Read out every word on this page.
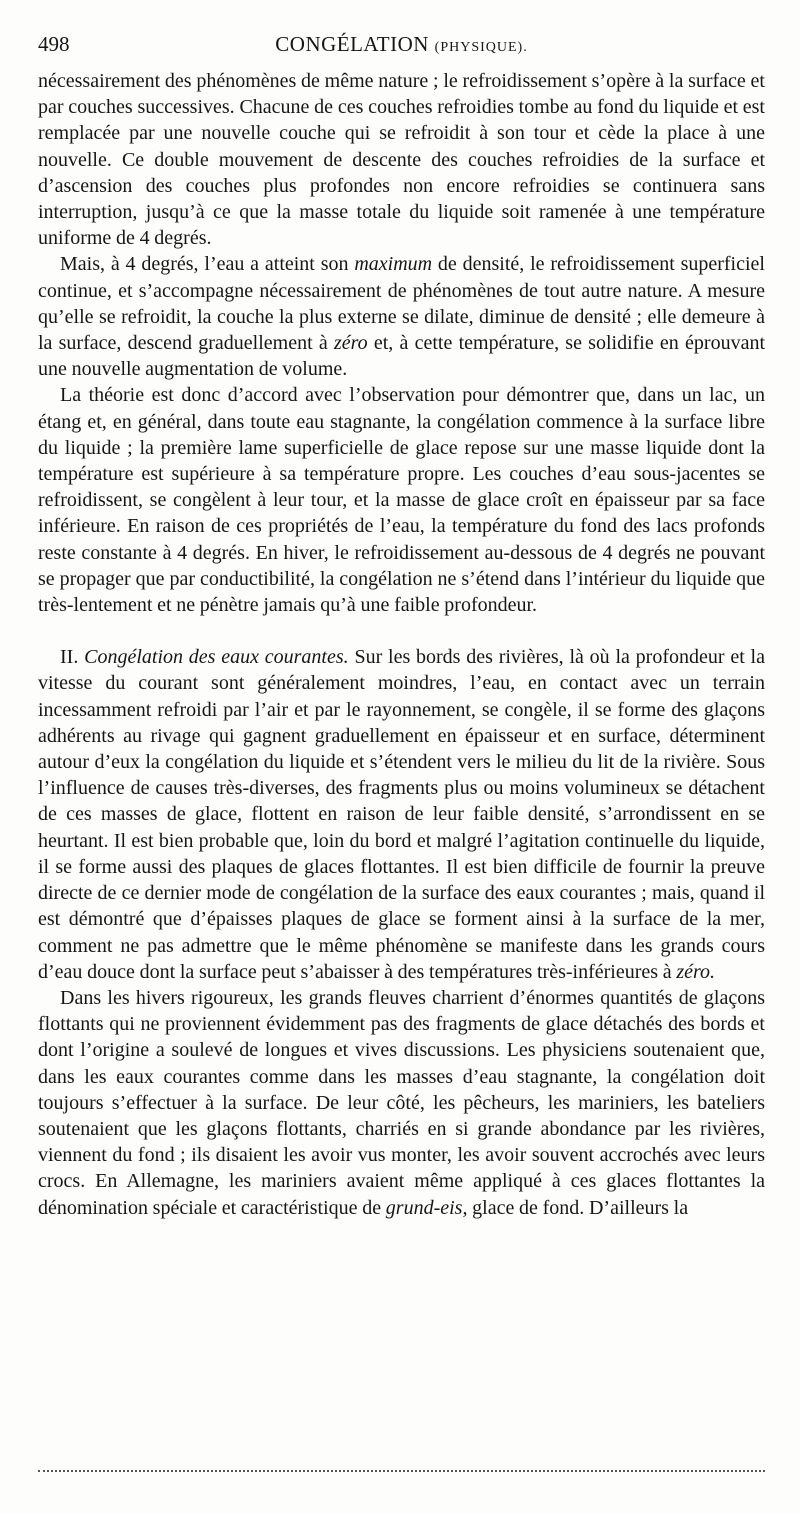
498	CONGÉLATION (PHYSIQUE).

nécessairement des phénomènes de même nature ; le refroidissement s’opère à la surface et par couches successives. Chacune de ces couches refroidies tombe au fond du liquide et est remplacée par une nouvelle couche qui se refroidit à son tour et cède la place à une nouvelle. Ce double mouvement de descente des couches refroidies de la surface et d’ascension des couches plus profondes non encore refroidies se continuera sans interruption, jusqu’à ce que la masse totale du liquide soit ramenée à une température uniforme de 4 degrés.

Mais, à 4 degrés, l’eau a atteint son maximum de densité, le refroidissement superficiel continue, et s’accompagne nécessairement de phénomènes de tout autre nature. A mesure qu’elle se refroidit, la couche la plus externe se dilate, diminue de densité ; elle demeure à la surface, descend graduellement à zéro et, à cette température, se solidifie en éprouvant une nouvelle augmentation de volume.

La théorie est donc d’accord avec l’observation pour démontrer que, dans un lac, un étang et, en général, dans toute eau stagnante, la congélation commence à la surface libre du liquide ; la première lame superficielle de glace repose sur une masse liquide dont la température est supérieure à sa température propre. Les couches d’eau sous-jacentes se refroidissent, se congèlent à leur tour, et la masse de glace croît en épaisseur par sa face inférieure. En raison de ces propriétés de l’eau, la température du fond des lacs profonds reste constante à 4 degrés. En hiver, le refroidissement au-dessous de 4 degrés ne pouvant se propager que par conductibilité, la congélation ne s’étend dans l’intérieur du liquide que très-lentement et ne pénètre jamais qu’à une faible profondeur.

II. Congélation des eaux courantes. Sur les bords des rivières, là où la profondeur et la vitesse du courant sont généralement moindres, l’eau, en contact avec un terrain incessamment refroidi par l’air et par le rayonnement, se congèle, il se forme des glaçons adhérents au rivage qui gagnent graduellement en épaisseur et en surface, déterminent autour d’eux la congélation du liquide et s’étendent vers le milieu du lit de la rivière. Sous l’influence de causes très-diverses, des fragments plus ou moins volumineux se détachent de ces masses de glace, flottent en raison de leur faible densité, s’arrondissent en se heurtant. Il est bien probable que, loin du bord et malgré l’agitation continuelle du liquide, il se forme aussi des plaques de glaces flottantes. Il est bien difficile de fournir la preuve directe de ce dernier mode de congélation de la surface des eaux courantes ; mais, quand il est démontré que d’épaisses plaques de glace se forment ainsi à la surface de la mer, comment ne pas admettre que le même phénomène se manifeste dans les grands cours d’eau douce dont la surface peut s’abaisser à des températures très-inférieures à zéro.

Dans les hivers rigoureux, les grands fleuves charrient d’énormes quantités de glaçons flottants qui ne proviennent évidemment pas des fragments de glace détachés des bords et dont l’origine a soulevé de longues et vives discussions. Les physiciens soutenaient que, dans les eaux courantes comme dans les masses d’eau stagnante, la congélation doit toujours s’effectuer à la surface. De leur côté, les pêcheurs, les mariniers, les bateliers soutenaient que les glaçons flottants, charriés en si grande abondance par les rivières, viennent du fond ; ils disaient les avoir vus monter, les avoir souvent accrochés avec leurs crocs. En Allemagne, les mariniers avaient même appliqué à ces glaces flottantes la dénomination spéciale et caractéristique de grund-eis, glace de fond. D’ailleurs la
